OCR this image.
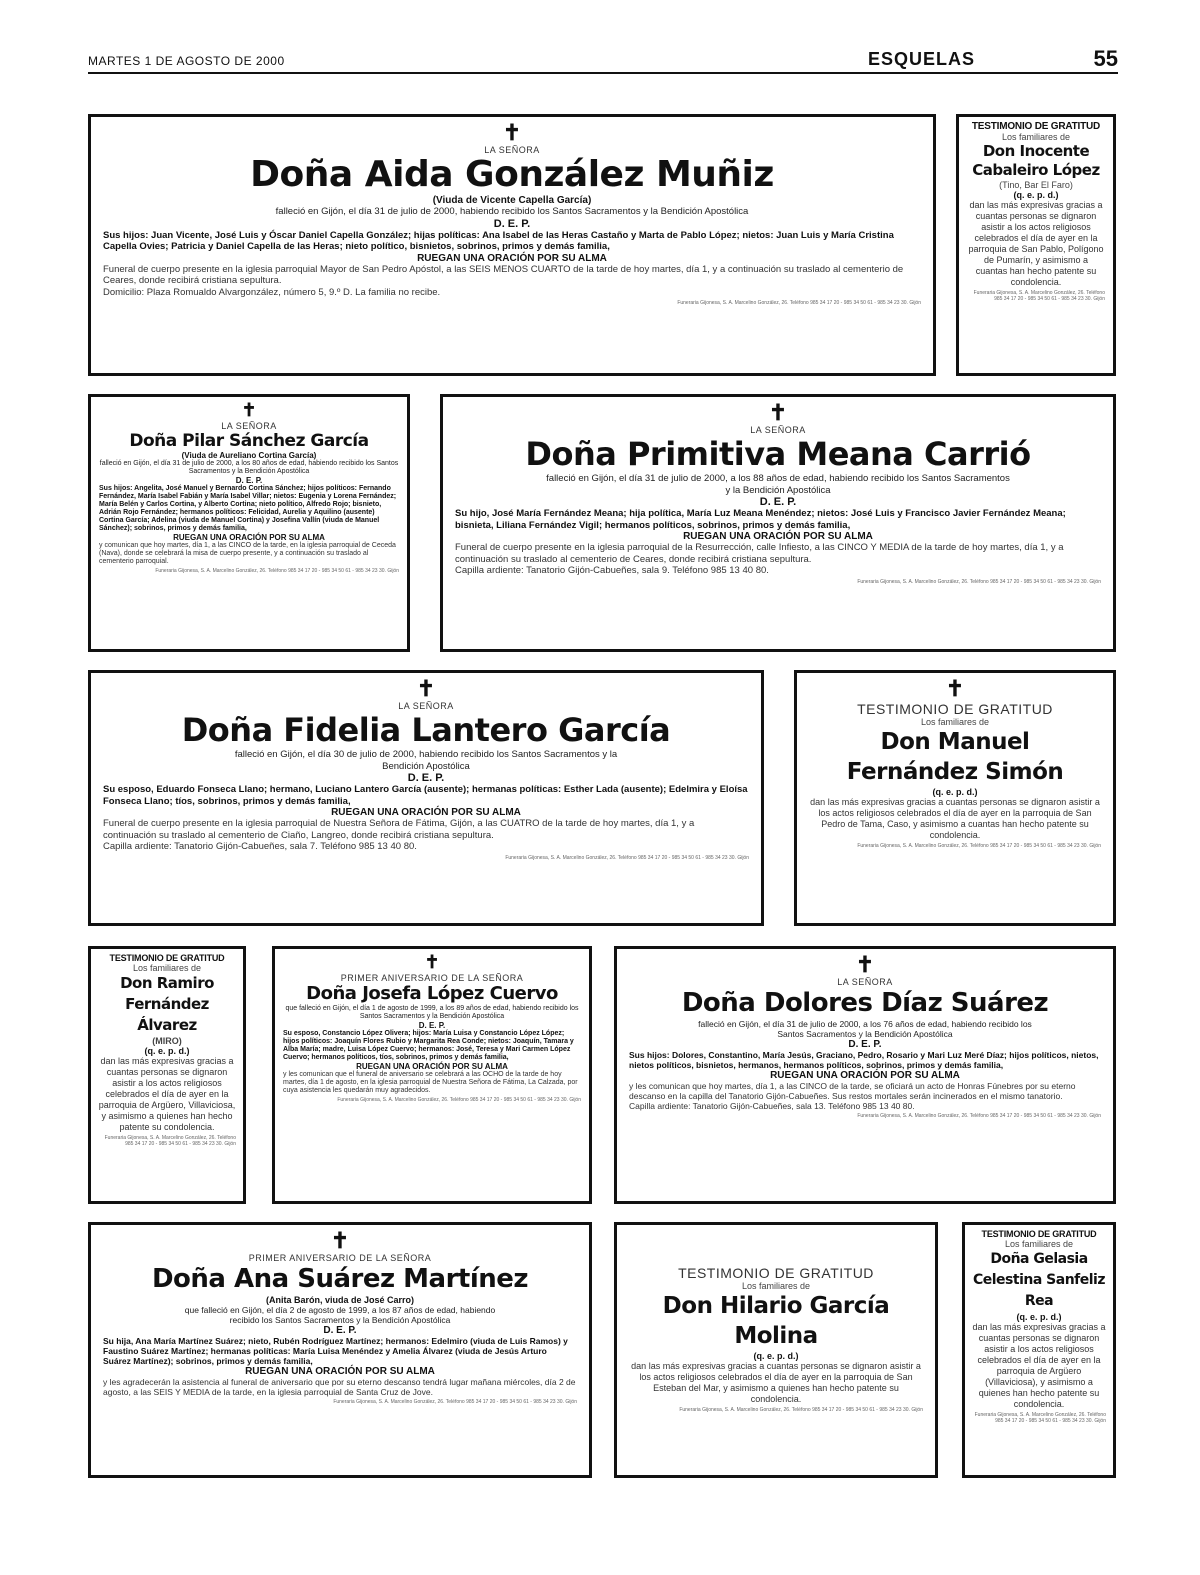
MARTES 1 DE AGOSTO DE 2000	ESQUELAS	55
✝
LA SEÑORA
Doña Aida González Muñiz
(Viuda de Vicente Capella García)
falleció en Gijón, el día 31 de julio de 2000, habiendo recibido los Santos Sacramentos y la Bendición Apostólica
D. E. P.
Sus hijos: Juan Vicente, José Luis y Óscar Daniel Capella González; hijas políticas: Ana Isabel de las Heras Castaño y Marta de Pablo López; nietos: Juan Luis y María Cristina Capella Ovies; Patricia y Daniel Capella de las Heras; nieto político, bisnietos, sobrinos, primos y demás familia,
RUEGAN UNA ORACIÓN POR SU ALMA
Funeral de cuerpo presente en la iglesia parroquial Mayor de San Pedro Apóstol, a las SEIS MENOS CUARTO de la tarde de hoy martes, día 1, y a continuación su traslado al cementerio de Ceares, donde recibirá cristiana sepultura.
Domicilio: Plaza Romualdo Alvargonzález, número 5, 9.º D. La familia no recibe.
Funeraria Gijonesa, S. A. Marcelino González, 26. Teléfono 985 34 17 20 - 985 34 50 61 - 985 34 23 30. Gijón
TESTIMONIO DE GRATITUD
Los familiares de
Don Inocente Cabaleiro López
(Tino, Bar El Faro)
(q. e. p. d.)
dan las más expresivas gracias a cuantas personas se dignaron asistir a los actos religiosos celebrados el día de ayer en la parroquia de San Pablo, Polígono de Pumarín, y asimismo a cuantas han hecho patente su condolencia.
Funeraria Gijonesa, S. A. Marcelino González, 26. Teléfono 985 34 17 20 - 985 34 50 61 - 985 34 23 30. Gijón
✝
LA SEÑORA
Doña Pilar Sánchez García
(Viuda de Aureliano Cortina García)
falleció en Gijón, el día 31 de julio de 2000, a los 80 años de edad, habiendo recibido los Santos Sacramentos y la Bendición Apostólica
D. E. P.
Sus hijos: Angelita, José Manuel y Bernardo Cortina Sánchez; hijos políticos: Fernando Fernández, María Isabel Fabián y María Isabel Villar; nietos: Eugenia y Lorena Fernández; María Belén y Carlos Cortina, y Alberto Cortina; nieto político, Alfredo Rojo; bisnieto, Adrián Rojo Fernández; hermanos políticos: Felicidad, Aurelia y Aquilino (ausente) Cortina García; Adelina (viuda de Manuel Cortina) y Josefina Vallín (viuda de Manuel Sánchez); sobrinos, primos y demás familia,
RUEGAN UNA ORACIÓN POR SU ALMA
y comunican que hoy martes, día 1, a las CINCO de la tarde, en la iglesia parroquial de Ceceda (Nava), donde se celebrará la misa de cuerpo presente, y a continuación su traslado al cementerio parroquial.
Funeraria Gijonesa, S. A. Marcelino González, 26. Teléfono 985 34 17 20 - 985 34 50 61 - 985 34 23 30. Gijón
✝
LA SEÑORA
Doña Primitiva Meana Carrió
falleció en Gijón, el día 31 de julio de 2000, a los 88 años de edad, habiendo recibido los Santos Sacramentos y la Bendición Apostólica
D. E. P.
Su hijo, José María Fernández Meana; hija política, María Luz Meana Menéndez; nietos: José Luis y Francisco Javier Fernández Meana; bisnieta, Liliana Fernández Vigil; hermanos políticos, sobrinos, primos y demás familia,
RUEGAN UNA ORACIÓN POR SU ALMA
Funeral de cuerpo presente en la iglesia parroquial de la Resurrección, calle Infiesto, a las CINCO Y MEDIA de la tarde de hoy martes, día 1, y a continuación su traslado al cementerio de Ceares, donde recibirá cristiana sepultura.
Capilla ardiente: Tanatorio Gijón-Cabueñes, sala 9. Teléfono 985 13 40 80.
Funeraria Gijonesa, S. A. Marcelino González, 26. Teléfono 985 34 17 20 - 985 34 50 61 - 985 34 23 30. Gijón
✝
LA SEÑORA
Doña Fidelia Lantero García
falleció en Gijón, el día 30 de julio de 2000, habiendo recibido los Santos Sacramentos y la Bendición Apostólica
D. E. P.
Su esposo, Eduardo Fonseca Llano; hermano, Luciano Lantero García (ausente); hermanas políticas: Esther Lada (ausente); Edelmira y Eloísa Fonseca Llano; tíos, sobrinos, primos y demás familia,
RUEGAN UNA ORACIÓN POR SU ALMA
Funeral de cuerpo presente en la iglesia parroquial de Nuestra Señora de Fátima, Gijón, a las CUATRO de la tarde de hoy martes, día 1, y a continuación su traslado al cementerio de Ciaño, Langreo, donde recibirá cristiana sepultura.
Capilla ardiente: Tanatorio Gijón-Cabueñes, sala 7. Teléfono 985 13 40 80.
Funeraria Gijonesa, S. A. Marcelino González, 26. Teléfono 985 34 17 20 - 985 34 50 61 - 985 34 23 30. Gijón
✝
TESTIMONIO DE GRATITUD
Los familiares de
Don Manuel Fernández Simón
(q. e. p. d.)
dan las más expresivas gracias a cuantas personas se dignaron asistir a los actos religiosos celebrados el día de ayer en la parroquia de San Pedro de Tama, Caso, y asimismo a cuantas han hecho patente su condolencia.
Funeraria Gijonesa, S. A. Marcelino González, 26. Teléfono 985 34 17 20 - 985 34 50 61 - 985 34 23 30. Gijón
TESTIMONIO DE GRATITUD
Los familiares de
Don Ramiro Fernández Álvarez
(MIRO)
(q. e. p. d.)
dan las más expresivas gracias a cuantas personas se dignaron asistir a los actos religiosos celebrados el día de ayer en la parroquia de Argüero, Villaviciosa, y asimismo a quienes han hecho patente su condolencia.
Funeraria Gijonesa, S. A. Marcelino González, 26. Teléfono 985 34 17 20 - 985 34 50 61 - 985 34 23 30. Gijón
✝
PRIMER ANIVERSARIO DE LA SEÑORA
Doña Josefa López Cuervo
que falleció en Gijón, el día 1 de agosto de 1999, a los 89 años de edad, habiendo recibido los Santos Sacramentos y la Bendición Apostólica
D. E. P.
Su esposo, Constancio López Olivera; hijos: María Luisa y Constancio López López; hijos políticos: Joaquín Flores Rubio y Margarita Rea Conde; nietos: Joaquín, Tamara y Alba María; madre, Luisa López Cuervo; hermanos: José, Teresa y Mari Carmen López Cuervo; hermanos políticos, tíos, sobrinos, primos y demás familia,
RUEGAN UNA ORACIÓN POR SU ALMA
y les comunican que el funeral de aniversario se celebrará a las OCHO de la tarde de hoy martes, día 1 de agosto, en la iglesia parroquial de Nuestra Señora de Fátima, La Calzada, por cuya asistencia les quedarán muy agradecidos.
Funeraria Gijonesa, S. A. Marcelino González, 26. Teléfono 985 34 17 20 - 985 34 50 61 - 985 34 23 30. Gijón
✝
LA SEÑORA
Doña Dolores Díaz Suárez
falleció en Gijón, el día 31 de julio de 2000, a los 76 años de edad, habiendo recibido los Santos Sacramentos y la Bendición Apostólica
D. E. P.
Sus hijos: Dolores, Constantino, María Jesús, Graciano, Pedro, Rosario y Mari Luz Meré Díaz; hijos políticos, nietos, nietos políticos, bisnietos, hermanos, hermanos políticos, sobrinos, primos y demás familia,
RUEGAN UNA ORACIÓN POR SU ALMA
y les comunican que hoy martes, día 1, a las CINCO de la tarde, se oficiará un acto de Honras Fúnebres por su eterno descanso en la capilla del Tanatorio Gijón-Cabueñes. Sus restos mortales serán incinerados en el mismo tanatorio.
Capilla ardiente: Tanatorio Gijón-Cabueñes, sala 13. Teléfono 985 13 40 80.
Funeraria Gijonesa, S. A. Marcelino González, 26. Teléfono 985 34 17 20 - 985 34 50 61 - 985 34 23 30. Gijón
✝
PRIMER ANIVERSARIO DE LA SEÑORA
Doña Ana Suárez Martínez
(Anita Barón, viuda de José Carro)
que falleció en Gijón, el día 2 de agosto de 1999, a los 87 años de edad, habiendo recibido los Santos Sacramentos y la Bendición Apostólica
D. E. P.
Su hija, Ana María Martínez Suárez; nieto, Rubén Rodríguez Martínez; hermanos: Edelmiro (viuda de Luis Ramos) y Faustino Suárez Martínez; hermanas políticas: María Luisa Menéndez y Amelia Álvarez (viuda de Jesús Arturo Suárez Martínez); sobrinos, primos y demás familia,
RUEGAN UNA ORACIÓN POR SU ALMA
y les agradecerán la asistencia al funeral de aniversario que por su eterno descanso tendrá lugar mañana miércoles, día 2 de agosto, a las SEIS Y MEDIA de la tarde, en la iglesia parroquial de Santa Cruz de Jove.
Funeraria Gijonesa, S. A. Marcelino González, 26. Teléfono 985 34 17 20 - 985 34 50 61 - 985 34 23 30. Gijón
TESTIMONIO DE GRATITUD
Los familiares de
Don Hilario García Molina
(q. e. p. d.)
dan las más expresivas gracias a cuantas personas se dignaron asistir a los actos religiosos celebrados el día de ayer en la parroquia de San Esteban del Mar, y asimismo a quienes han hecho patente su condolencia.
Funeraria Gijonesa, S. A. Marcelino González, 26. Teléfono 985 34 17 20 - 985 34 50 61 - 985 34 23 30. Gijón
TESTIMONIO DE GRATITUD
Los familiares de
Doña Gelasia Celestina Sanfeliz Rea
(q. e. p. d.)
dan las más expresivas gracias a cuantas personas se dignaron asistir a los actos religiosos celebrados el día de ayer en la parroquia de Argüero (Villaviciosa), y asimismo a quienes han hecho patente su condolencia.
Funeraria Gijonesa, S. A. Marcelino González, 26. Teléfono 985 34 17 20 - 985 34 50 61 - 985 34 23 30. Gijón
